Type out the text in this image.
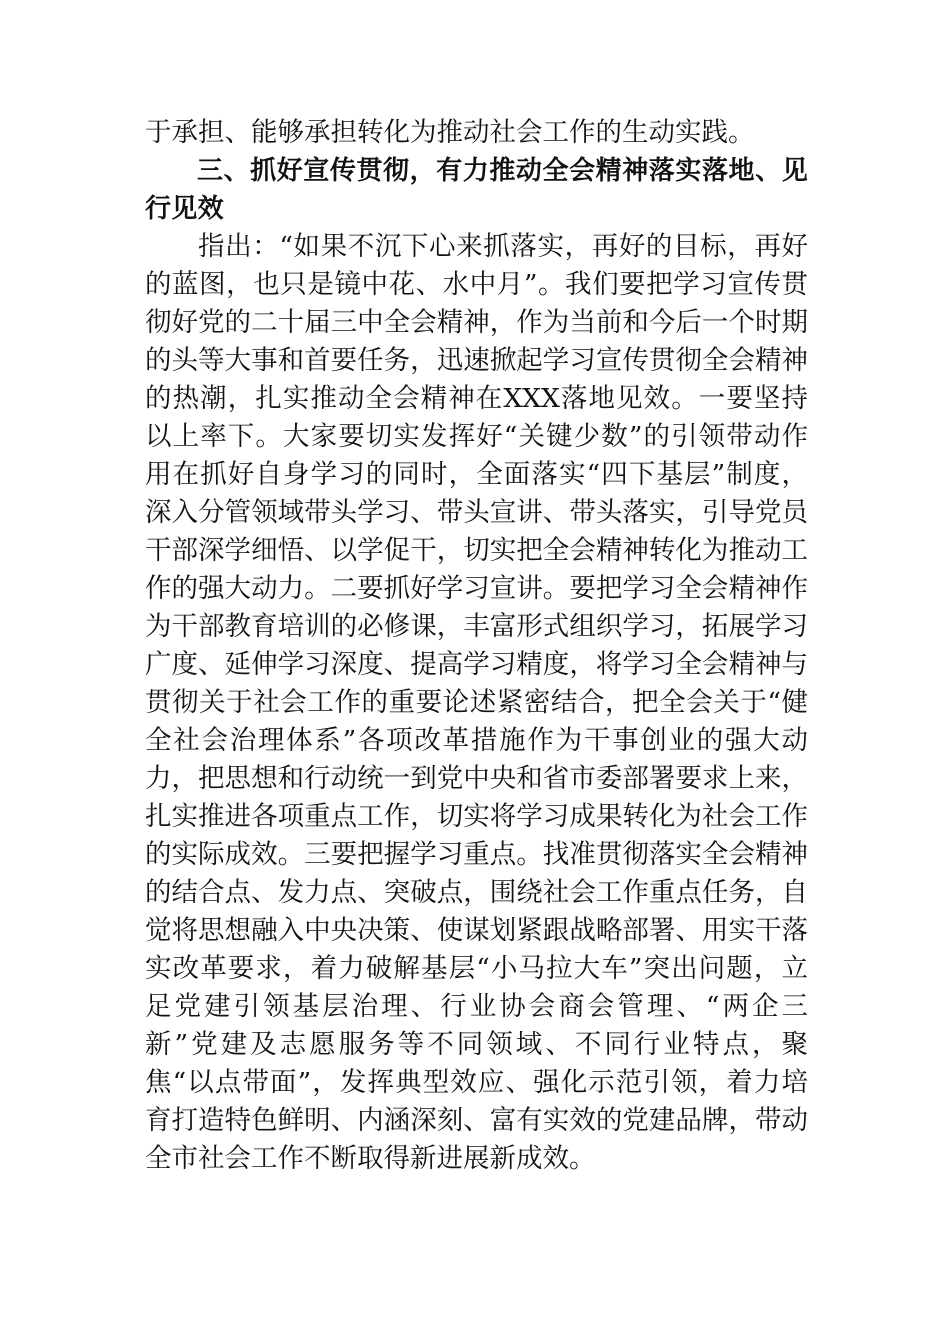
于承担、能够承担转化为推动社会工作的生动实践。

三、抓好宣传贯彻，有力推动全会精神落实落地、见行见效

指出：“如果不沉下心来抓落实，再好的目标，再好的蓝图，也只是镜中花、水中月”。我们要把学习宣传贯彻好党的二十届三中全会精神，作为当前和今后一个时期的头等大事和首要任务，迅速掀起学习宣传贯彻全会精神的热潮，扎实推动全会精神在XXX落地见效。一要坚持以上率下。大家要切实发挥好“关键少数”的引领带动作用在抓好自身学习的同时，全面落实“四下基层”制度，深入分管领域带头学习、带头宣讲、带头落实，引导党员干部深学细悟、以学促干，切实把全会精神转化为推动工作的强大动力。二要抓好学习宣讲。要把学习全会精神作为干部教育培训的必修课，丰富形式组织学习，拓展学习广度、延伸学习深度、提高学习精度，将学习全会精神与贯彻关于社会工作的重要论述紧密结合，把全会关于“健全社会治理体系”各项改革措施作为干事创业的强大动力，把思想和行动统一到党中央和省市委部署要求上来，扎实推进各项重点工作，切实将学习成果转化为社会工作的实际成效。三要把握学习重点。找准贯彻落实全会精神的结合点、发力点、突破点，围绕社会工作重点任务，自觉将思想融入中央决策、使谋划紧跟战略部署、用实干落实改革要求，着力破解基层“小马拉大车”突出问题，立足党建引领基层治理、行业协会商会管理、“两企三新”党建及志愿服务等不同领域、不同行业特点，聚焦“以点带面”，发挥典型效应、强化示范引领，着力培育打造特色鲜明、内涵深刻、富有实效的党建品牌，带动全市社会工作不断取得新进展新成效。
